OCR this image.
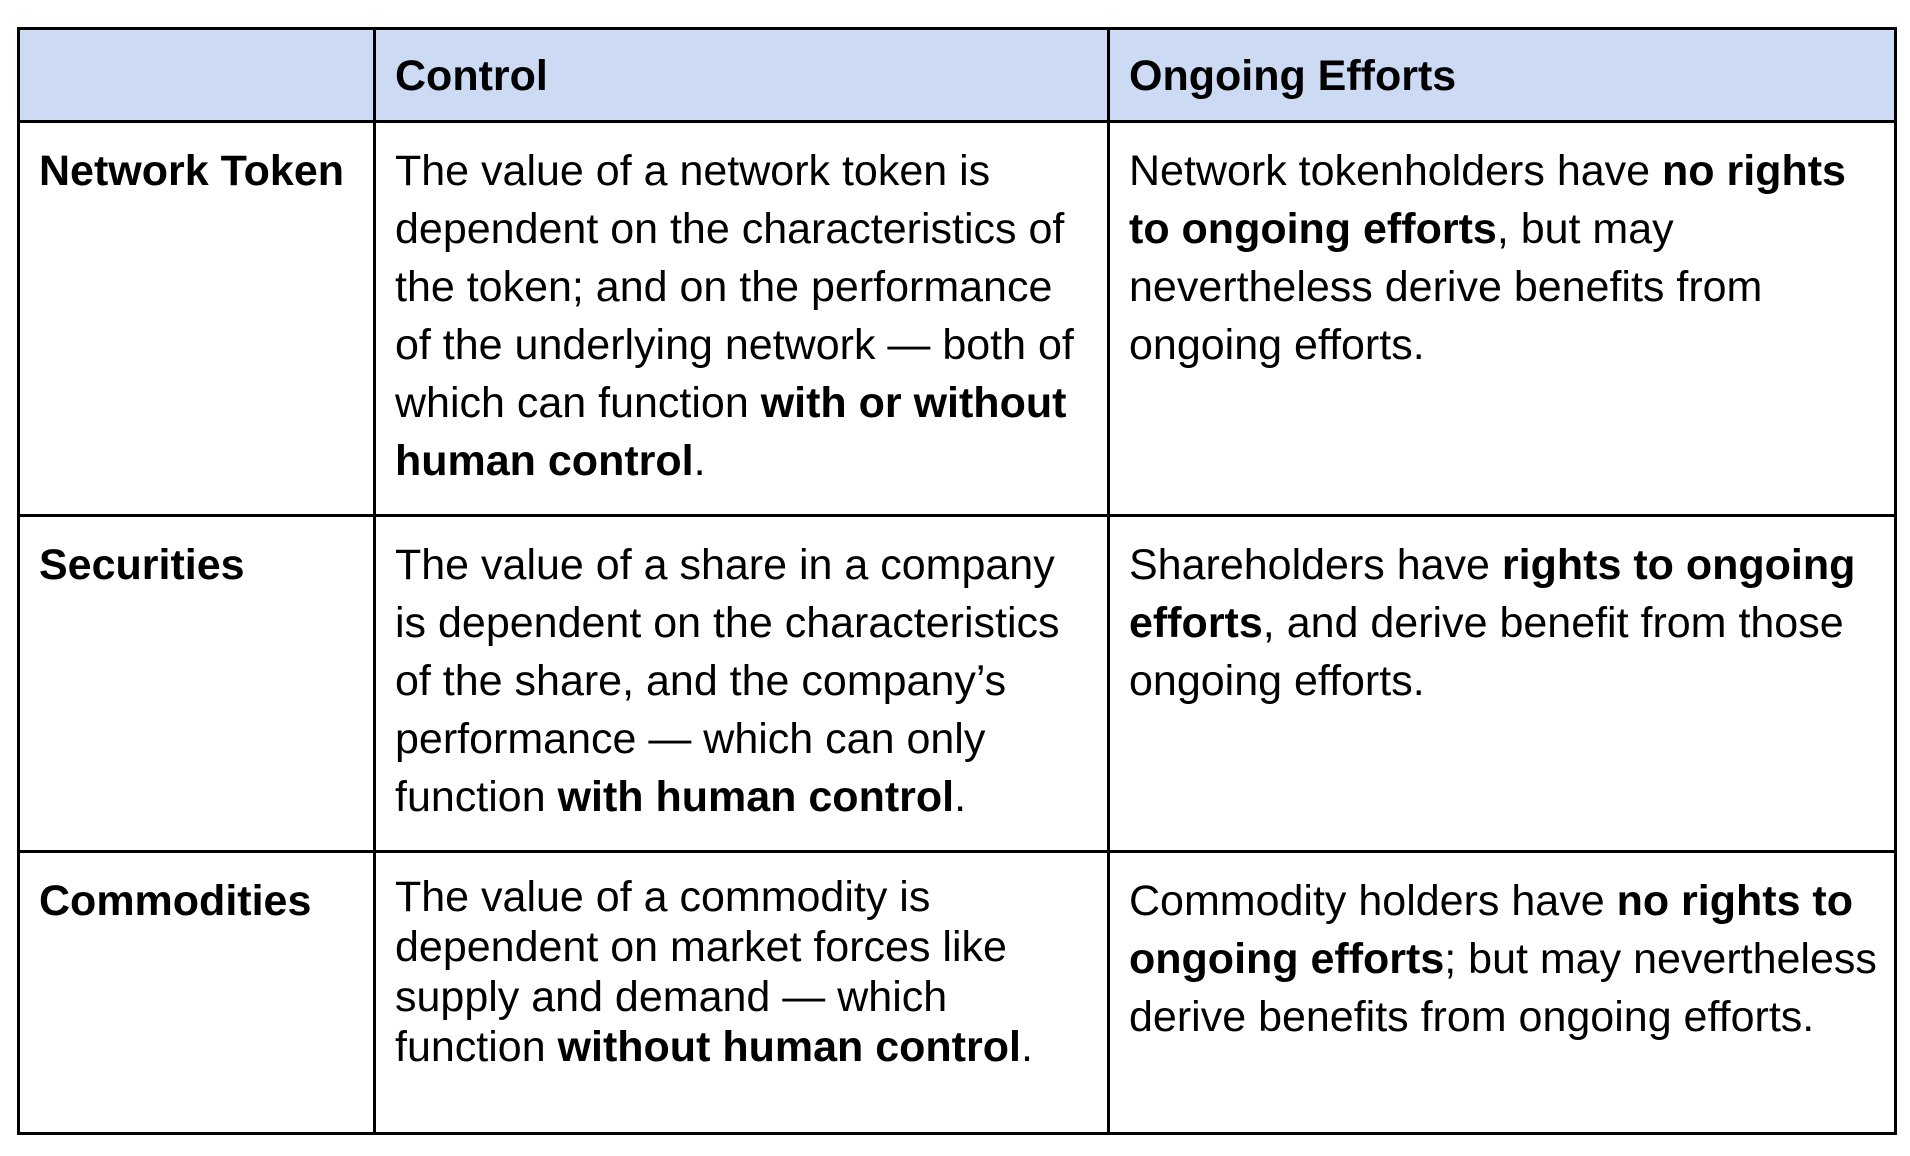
	Control	Ongoing Efforts

Network Token	The value of a network token is dependent on the characteristics of the token; and on the performance of the underlying network — both of which can function with or without human control.	Network tokenholders have no rights to ongoing efforts, but may nevertheless derive benefits from ongoing efforts.

Securities	The value of a share in a company is dependent on the characteristics of the share, and the company’s performance — which can only function with human control.	Shareholders have rights to ongoing efforts, and derive benefit from those ongoing efforts.

Commodities	The value of a commodity is dependent on market forces like supply and demand — which function without human control.	Commodity holders have no rights to ongoing efforts; but may nevertheless derive benefits from ongoing efforts.
